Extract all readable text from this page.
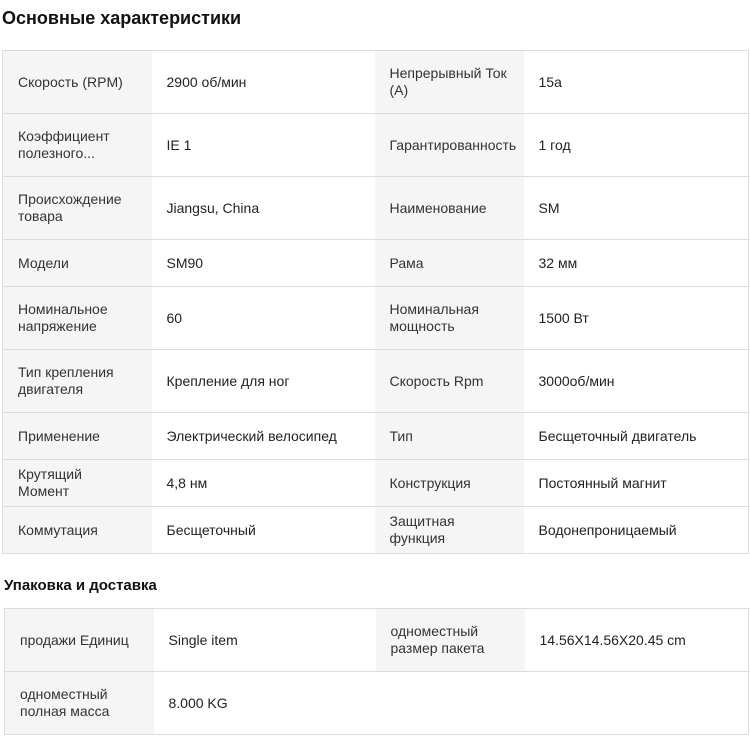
Основные характеристики
Скорость (RPM)	2900 об/мин	Непрерывный Ток (A)	15a
Коэффициент полезного...	IE 1	Гарантированность	1 год
Происхождение товара	Jiangsu, China	Наименование	SM
Модели	SM90	Рама	32 мм
Номинальное напряжение	60	Номинальная мощность	1500 Вт
Тип крепления двигателя	Крепление для ног	Скорость Rpm	3000об/мин
Применение	Электрический велосипед	Тип	Бесщеточный двигатель
Крутящий Момент	4,8 нм	Конструкция	Постоянный магнит
Коммутация	Бесщеточный	Защитная функция	Водонепроницаемый
Упаковка и доставка
продажи Единиц	Single item	одноместный размер пакета	14.56X14.56X20.45 cm
одноместный полная масса	8.000 KG		
